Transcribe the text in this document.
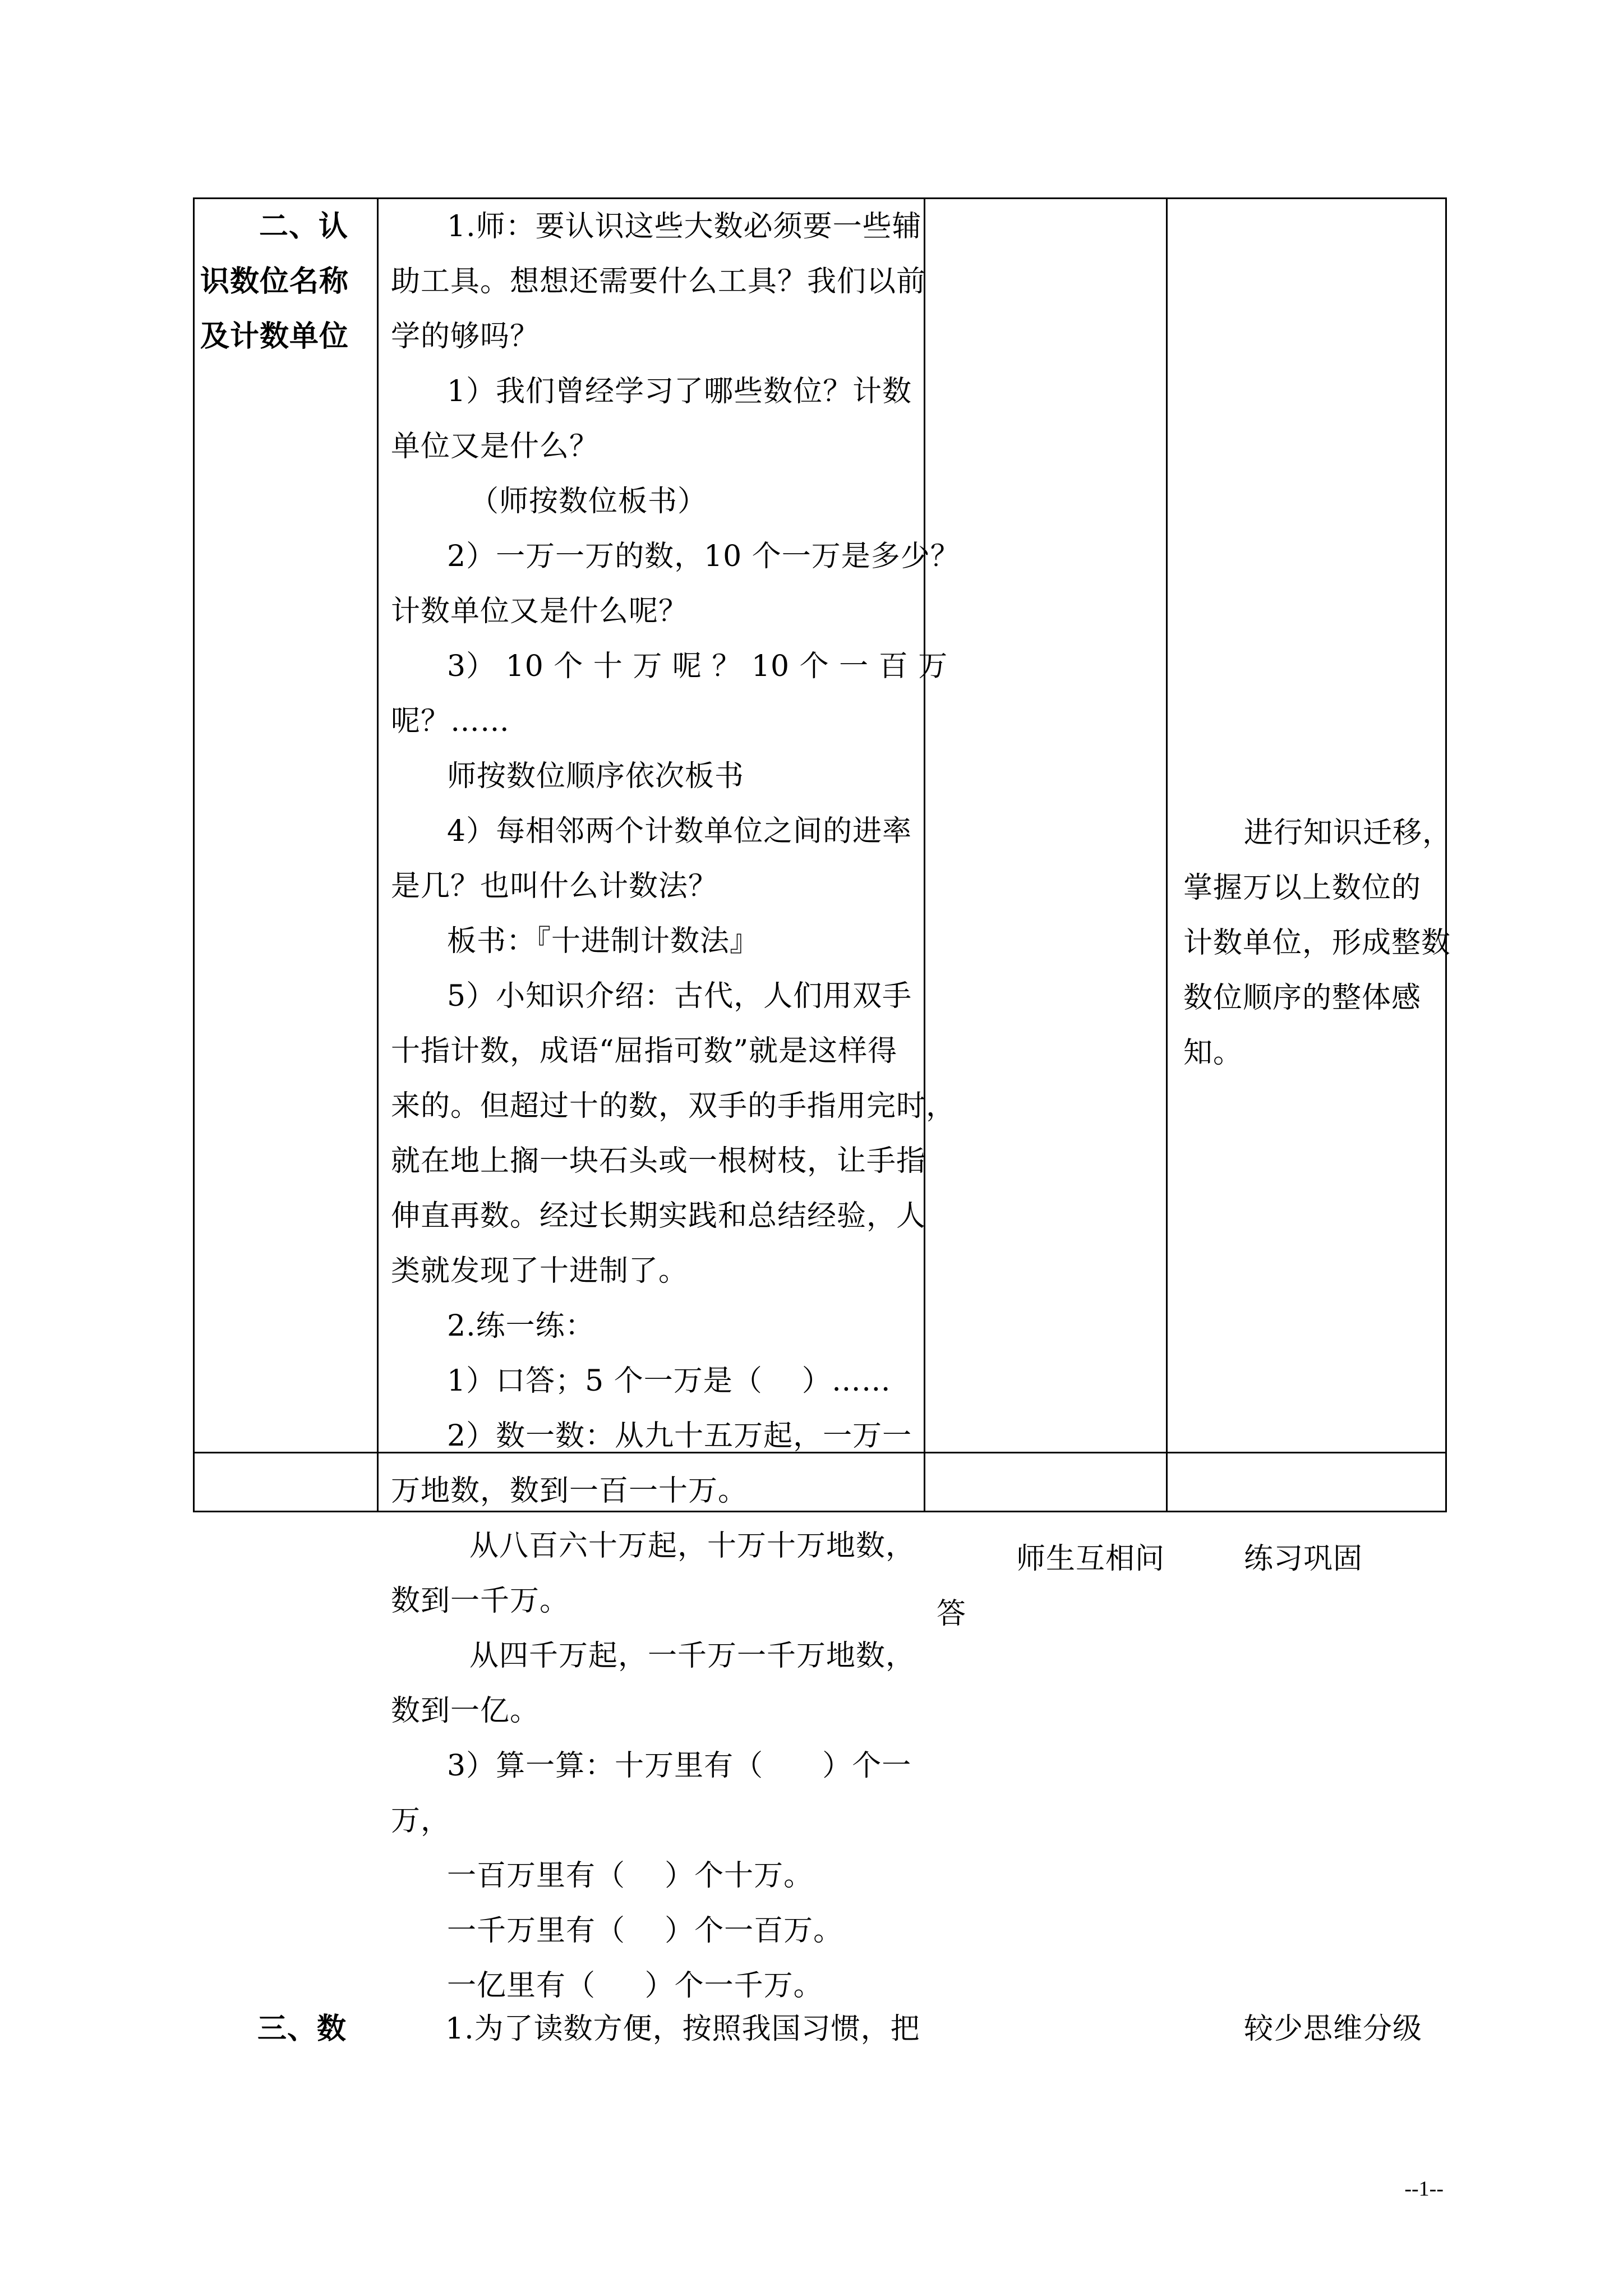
二、认
识数位名称
及计数单位
1.师：要认识这些大数必须要一些辅
助工具。想想还需要什么工具？我们以前
学的够吗？
1）我们曾经学习了哪些数位？计数
单位又是什么？
（师按数位板书）
2）一万一万的数，10 个一万是多少？
计数单位又是什么呢？
3） 10 个 十 万 呢 ？ 10 个 一 百 万
呢？……
师按数位顺序依次板书
4）每相邻两个计数单位之间的进率
是几？也叫什么计数法？
板书：『十进制计数法』
5）小知识介绍：古代，人们用双手
十指计数，成语“屈指可数”就是这样得
来的。但超过十的数，双手的手指用完时，
就在地上搁一块石头或一根树枝，让手指
伸直再数。经过长期实践和总结经验，人
类就发现了十进制了。
2.练一练：
1）口答；5 个一万是（    ）……
2）数一数：从九十五万起，一万一
万地数，数到一百一十万。
从八百六十万起，十万十万地数，
数到一千万。
从四千万起，一千万一千万地数，
数到一亿。
3）算一算：十万里有（      ）个一
万，
一百万里有（    ）个十万。
一千万里有（    ）个一百万。
一亿里有（     ）个一千万。
师生互相问
答
进行知识迁移，
掌握万以上数位的
计数单位，形成整数
数位顺序的整体感
知。
练习巩固
三、数	1.为了读数方便，按照我国习惯，把	较少思维分级
--1--
